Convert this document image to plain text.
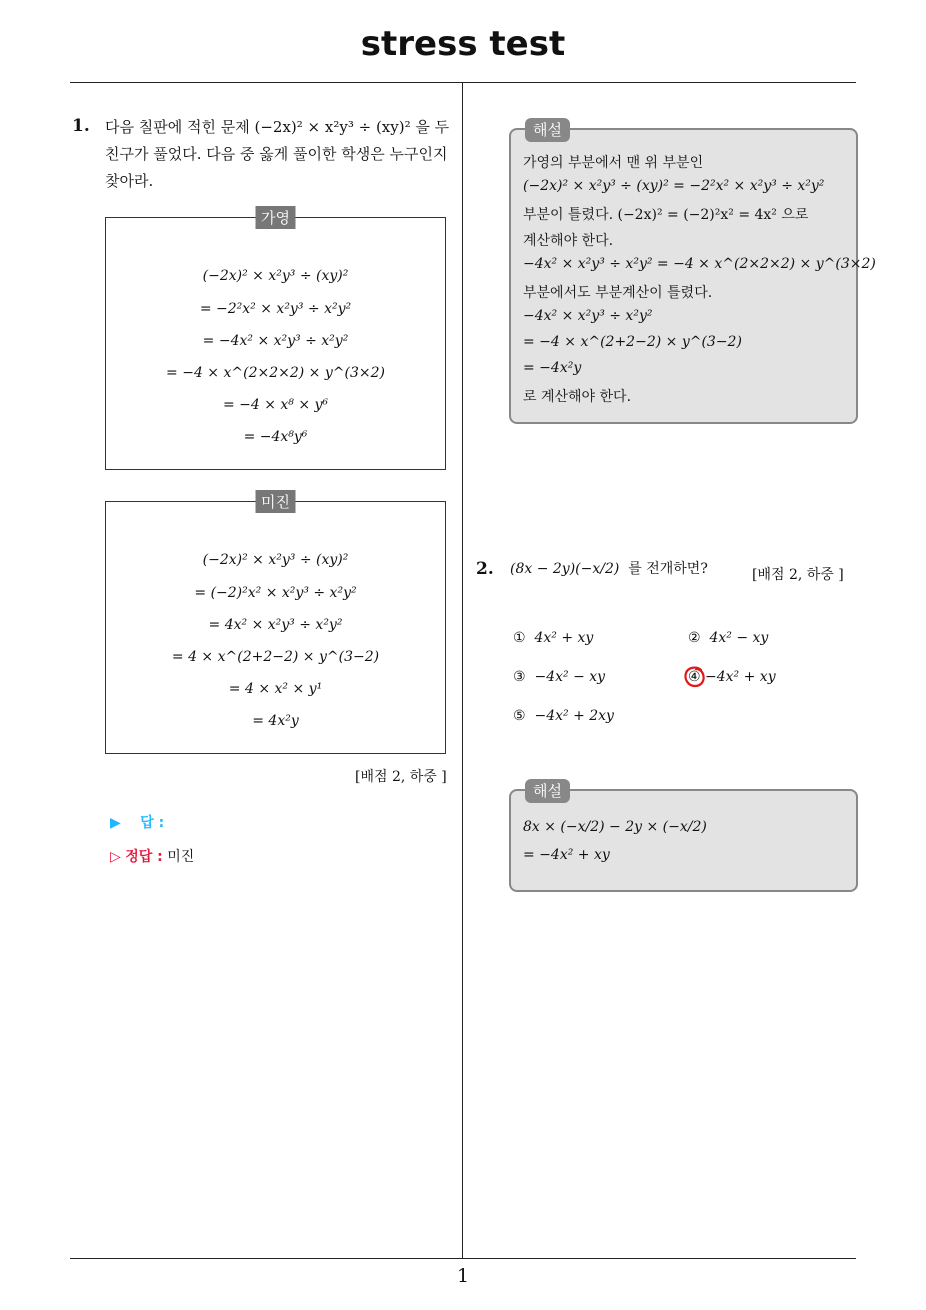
stress test
1
1. 다음 칠판에 적힌 문제 (−2x)² × x²y³ ÷ (xy)² 을 두 친구가 풀었다. 다음 중 옳게 풀이한 학생은 누구인지 찾아라.
가영
(−2x)² × x²y³ ÷ (xy)²
= −2²x² × x²y³ ÷ x²y²
= −4x² × x²y³ ÷ x²y²
= −4 × x^(2×2×2) × y^(3×2)
= −4 × x⁸ × y⁶
= −4x⁸y⁶
미진
(−2x)² × x²y³ ÷ (xy)²
= (−2)²x² × x²y³ ÷ x²y²
= 4x² × x²y³ ÷ x²y²
= 4 × x^(2+2−2) × y^(3−2)
= 4 × x² × y¹
= 4x²y
[배점 2, 하중 ]
▶ 답 :
▷ 정답 : 미진
해설
가영의 부분에서 맨 위 부분인
(−2x)² × x²y³ ÷ (xy)² = −2²x² × x²y³ ÷ x²y²
부분이 틀렸다. (−2x)² = (−2)²x² = 4x² 으로
계산해야 한다.
−4x² × x²y³ ÷ x²y² = −4 × x^(2×2×2) × y^(3×2)
부분에서도 부분계산이 틀렸다.
−4x² × x²y³ ÷ x²y²
= −4 × x^(2+2−2) × y^(3−2)
= −4x²y
로 계산해야 한다.
2. (8x − 2y)(−x/2) 를 전개하면?	[배점 2, 하중 ]
① 4x² + xy	② 4x² − xy
③ −4x² − xy	④ −4x² + xy
⑤ −4x² + 2xy
해설
8x × (−x/2) − 2y × (−x/2)
= −4x² + xy
